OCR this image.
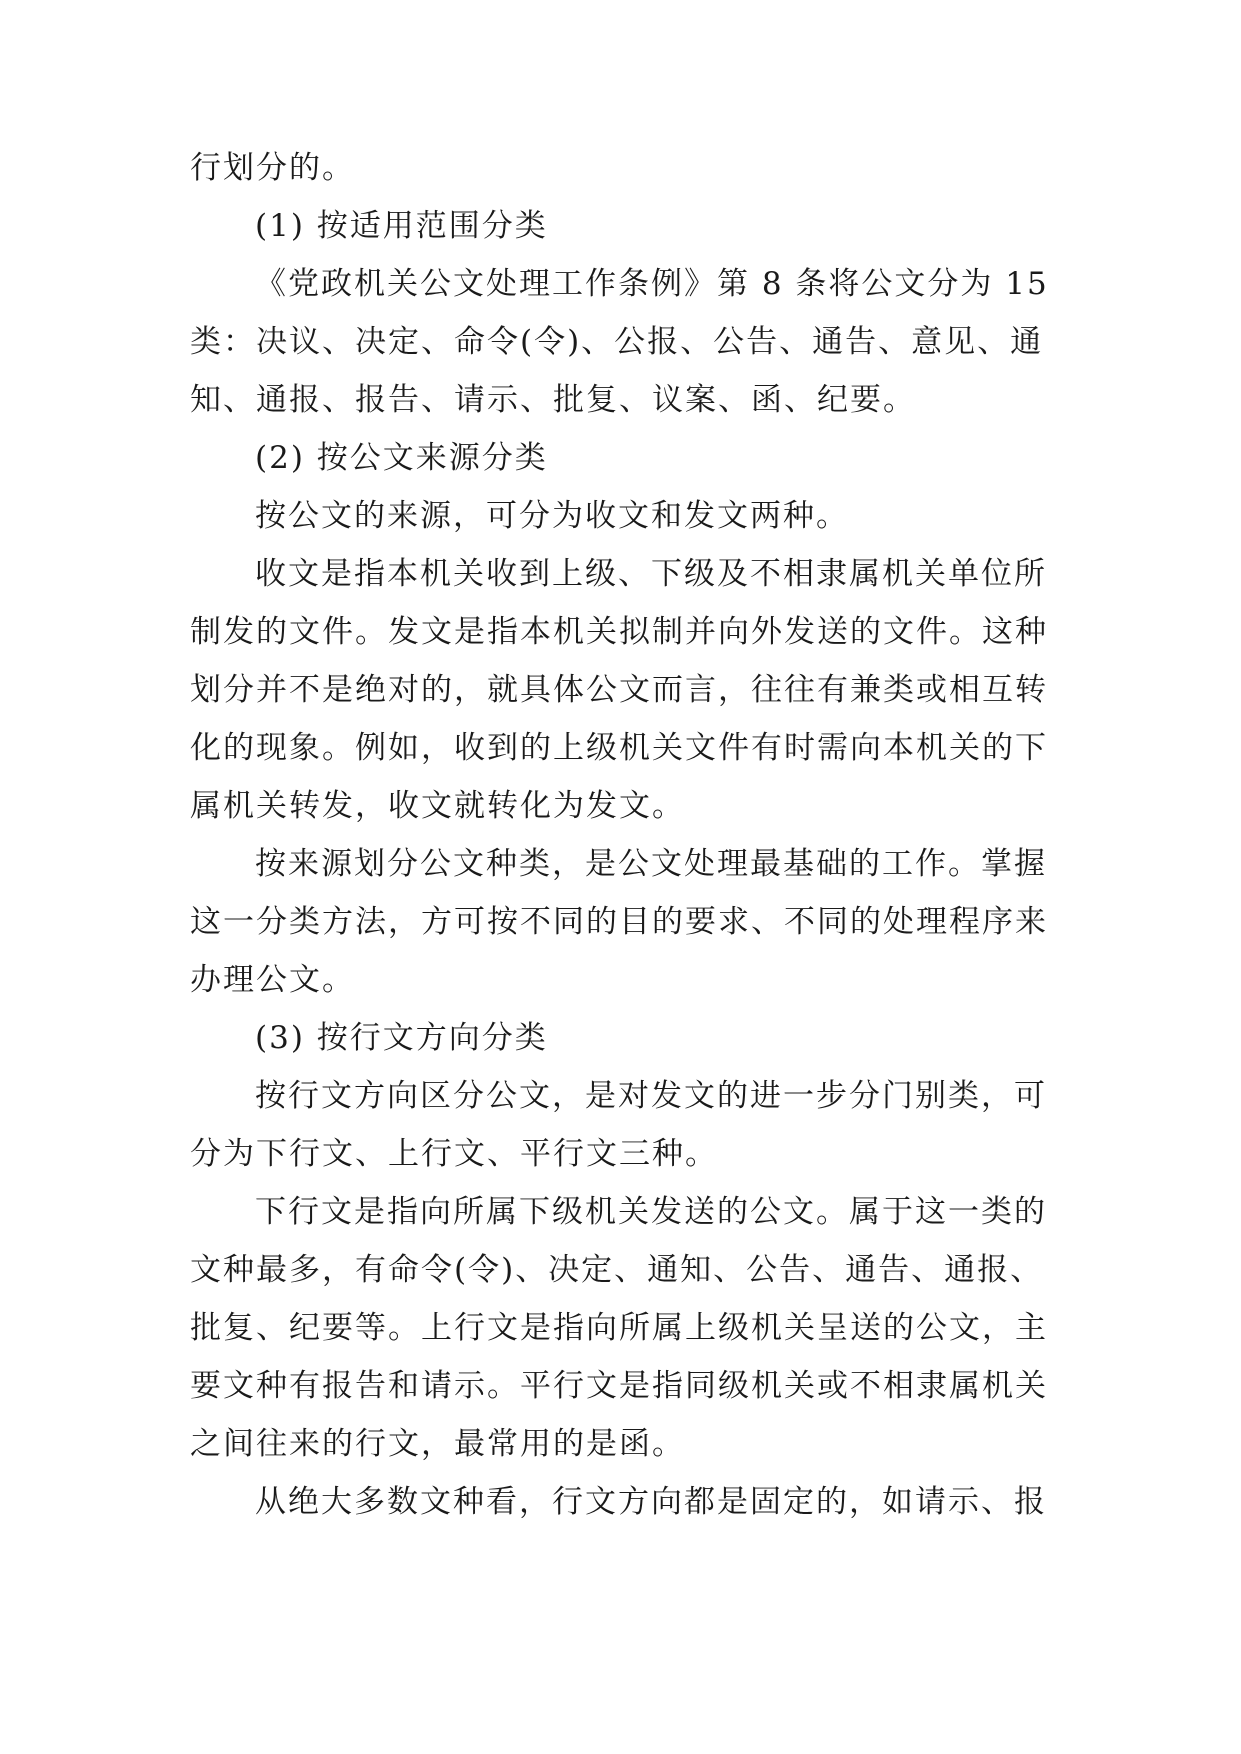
行划分的。
(1) 按适用范围分类
《党政机关公文处理工作条例》第 8 条将公文分为 15
类：决议、决定、命令(令)、公报、公告、通告、意见、通
知、通报、报告、请示、批复、议案、函、纪要。
(2) 按公文来源分类
按公文的来源，可分为收文和发文两种。
收文是指本机关收到上级、下级及不相隶属机关单位所
制发的文件。发文是指本机关拟制并向外发送的文件。这种
划分并不是绝对的，就具体公文而言，往往有兼类或相互转
化的现象。例如，收到的上级机关文件有时需向本机关的下
属机关转发，收文就转化为发文。
按来源划分公文种类，是公文处理最基础的工作。掌握
这一分类方法，方可按不同的目的要求、不同的处理程序来
办理公文。
(3) 按行文方向分类
按行文方向区分公文，是对发文的进一步分门别类，可
分为下行文、上行文、平行文三种。
下行文是指向所属下级机关发送的公文。属于这一类的
文种最多，有命令(令)、决定、通知、公告、通告、通报、
批复、纪要等。上行文是指向所属上级机关呈送的公文，主
要文种有报告和请示。平行文是指同级机关或不相隶属机关
之间往来的行文，最常用的是函。
从绝大多数文种看，行文方向都是固定的，如请示、报
